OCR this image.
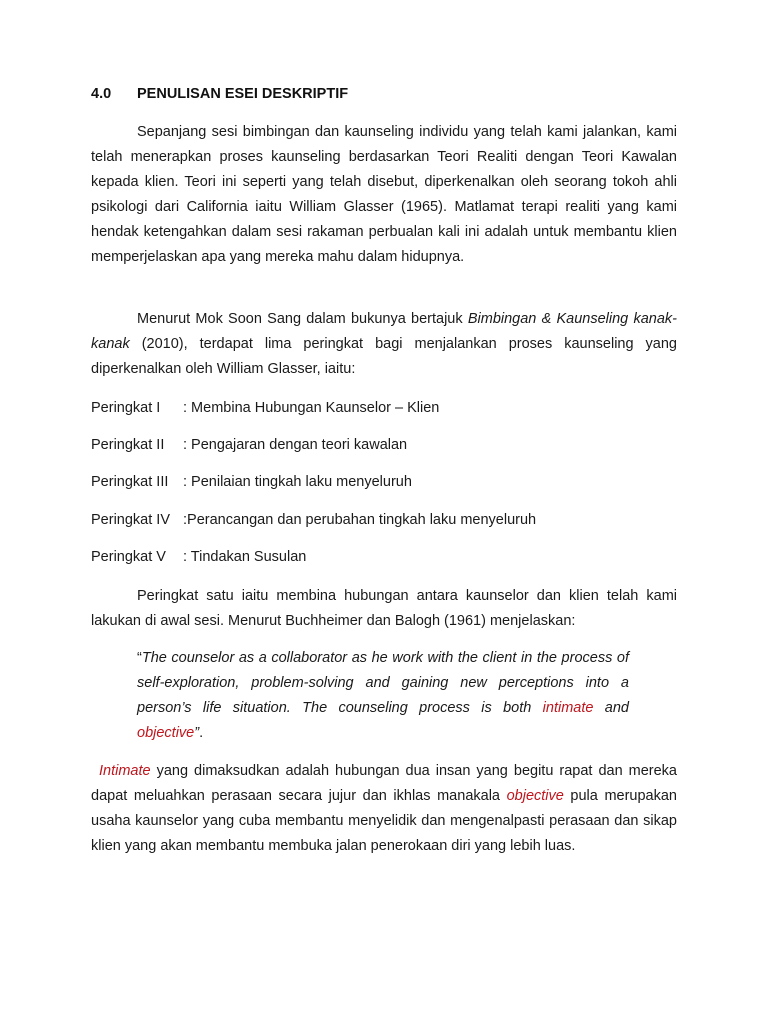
4.0 PENULISAN ESEI DESKRIPTIF

Sepanjang sesi bimbingan dan kaunseling individu yang telah kami jalankan, kami telah menerapkan proses kaunseling berdasarkan Teori Realiti dengan Teori Kawalan kepada klien. Teori ini seperti yang telah disebut, diperkenalkan oleh seorang tokoh ahli psikologi dari California iaitu William Glasser (1965). Matlamat terapi realiti yang kami hendak ketengahkan dalam sesi rakaman perbualan kali ini adalah untuk membantu klien memperjelaskan apa yang mereka mahu dalam hidupnya.

Menurut Mok Soon Sang dalam bukunya bertajuk Bimbingan & Kaunseling kanak-kanak (2010), terdapat lima peringkat bagi menjalankan proses kaunseling yang diperkenalkan oleh William Glasser, iaitu:

Peringkat I : Membina Hubungan Kaunselor – Klien
Peringkat II : Pengajaran dengan teori kawalan
Peringkat III : Penilaian tingkah laku menyeluruh
Peringkat IV :Perancangan dan perubahan tingkah laku menyeluruh
Peringkat V : Tindakan Susulan

Peringkat satu iaitu membina hubungan antara kaunselor dan klien telah kami lakukan di awal sesi. Menurut Buchheimer dan Balogh (1961) menjelaskan:

“The counselor as a collaborator as he work with the client in the process of self-exploration, problem-solving and gaining new perceptions into a person’s life situation. The counseling process is both intimate and objective”.

Intimate yang dimaksudkan adalah hubungan dua insan yang begitu rapat dan mereka dapat meluahkan perasaan secara jujur dan ikhlas manakala objective pula merupakan usaha kaunselor yang cuba membantu menyelidik dan mengenalpasti perasaan dan sikap klien yang akan membantu membuka jalan penerokaan diri yang lebih luas.
